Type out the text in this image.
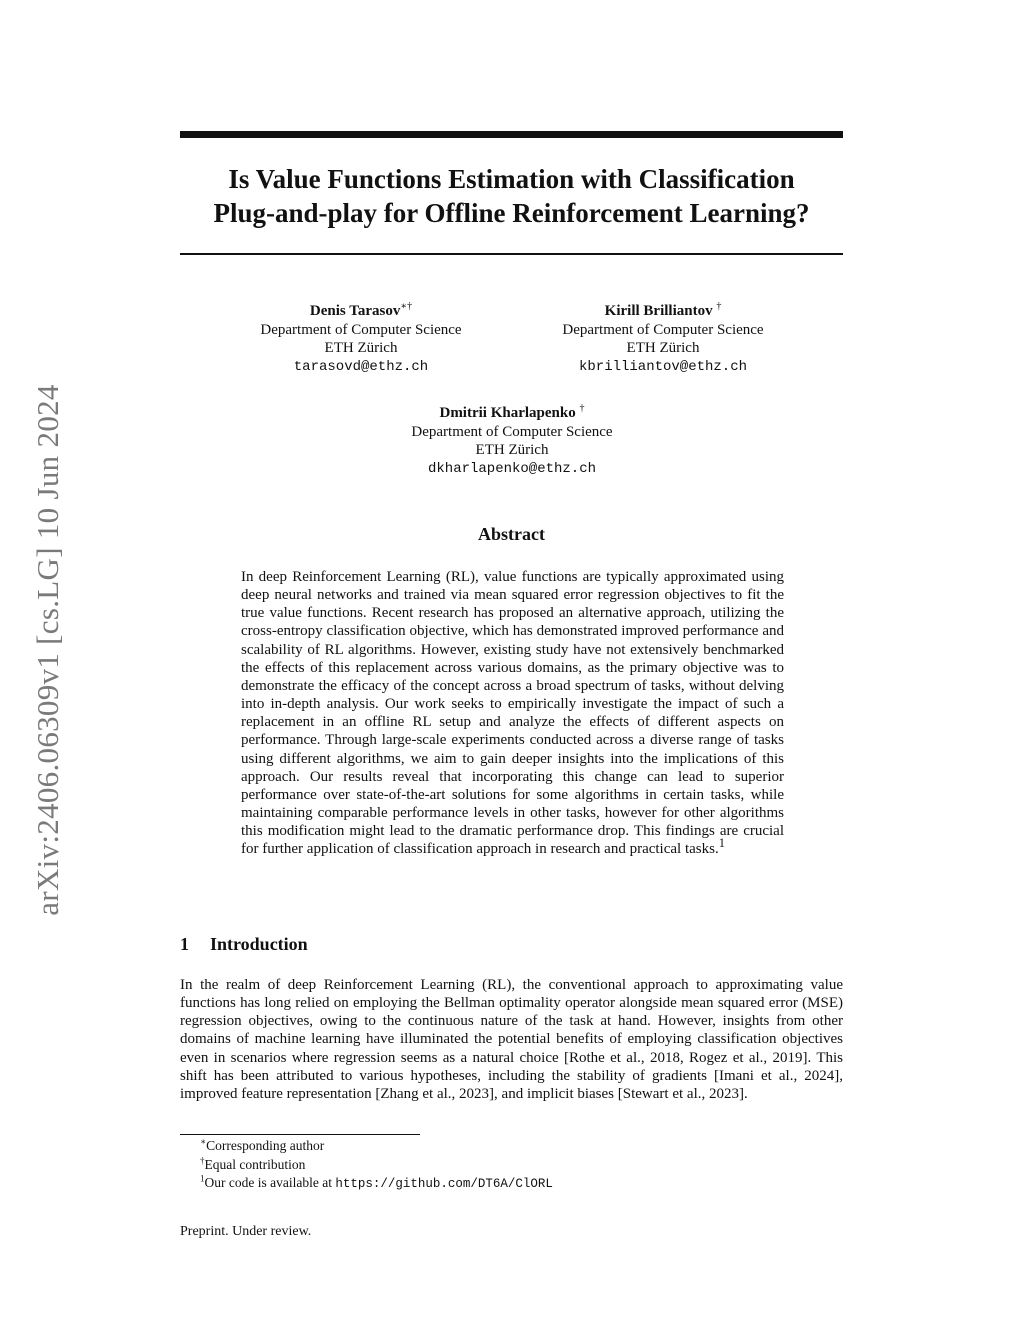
arXiv:2406.06309v1 [cs.LG] 10 Jun 2024
Is Value Functions Estimation with Classification
Plug-and-play for Offline Reinforcement Learning?
Denis Tarasov∗†
Department of Computer Science
ETH Zürich
tarasovd@ethz.ch
Kirill Brilliantov †
Department of Computer Science
ETH Zürich
kbrilliantov@ethz.ch
Dmitrii Kharlapenko †
Department of Computer Science
ETH Zürich
dkharlapenko@ethz.ch
Abstract

In deep Reinforcement Learning (RL), value functions are typically approximated using deep neural networks and trained via mean squared error regression objectives to fit the true value functions. Recent research has proposed an alternative approach, utilizing the cross-entropy classification objective, which has demonstrated improved performance and scalability of RL algorithms. However, existing study have not extensively benchmarked the effects of this replacement across various domains, as the primary objective was to demonstrate the efficacy of the concept across a broad spectrum of tasks, without delving into in-depth analysis. Our work seeks to empirically investigate the impact of such a replacement in an offline RL setup and analyze the effects of different aspects on performance. Through large-scale experiments conducted across a diverse range of tasks using different algorithms, we aim to gain deeper insights into the implications of this approach. Our results reveal that incorporating this change can lead to superior performance over state-of-the-art solutions for some algorithms in certain tasks, while maintaining comparable performance levels in other tasks, however for other algorithms this modification might lead to the dramatic performance drop. This findings are crucial for further application of classification approach in research and practical tasks.$^1$

1 Introduction

In the realm of deep Reinforcement Learning (RL), the conventional approach to approximating value functions has long relied on employing the Bellman optimality operator alongside mean squared error (MSE) regression objectives, owing to the continuous nature of the task at hand. However, insights from other domains of machine learning have illuminated the potential benefits of employing classification objectives even in scenarios where regression seems as a natural choice [Rothe et al., 2018, Rogez et al., 2019]. This shift has been attributed to various hypotheses, including the stability of gradients [Imani et al., 2024], improved feature representation [Zhang et al., 2023], and implicit biases [Stewart et al., 2023].

∗Corresponding author
†Equal contribution
$^1$Our code is available at https://github.com/DT6A/ClORL
Preprint. Under review.
